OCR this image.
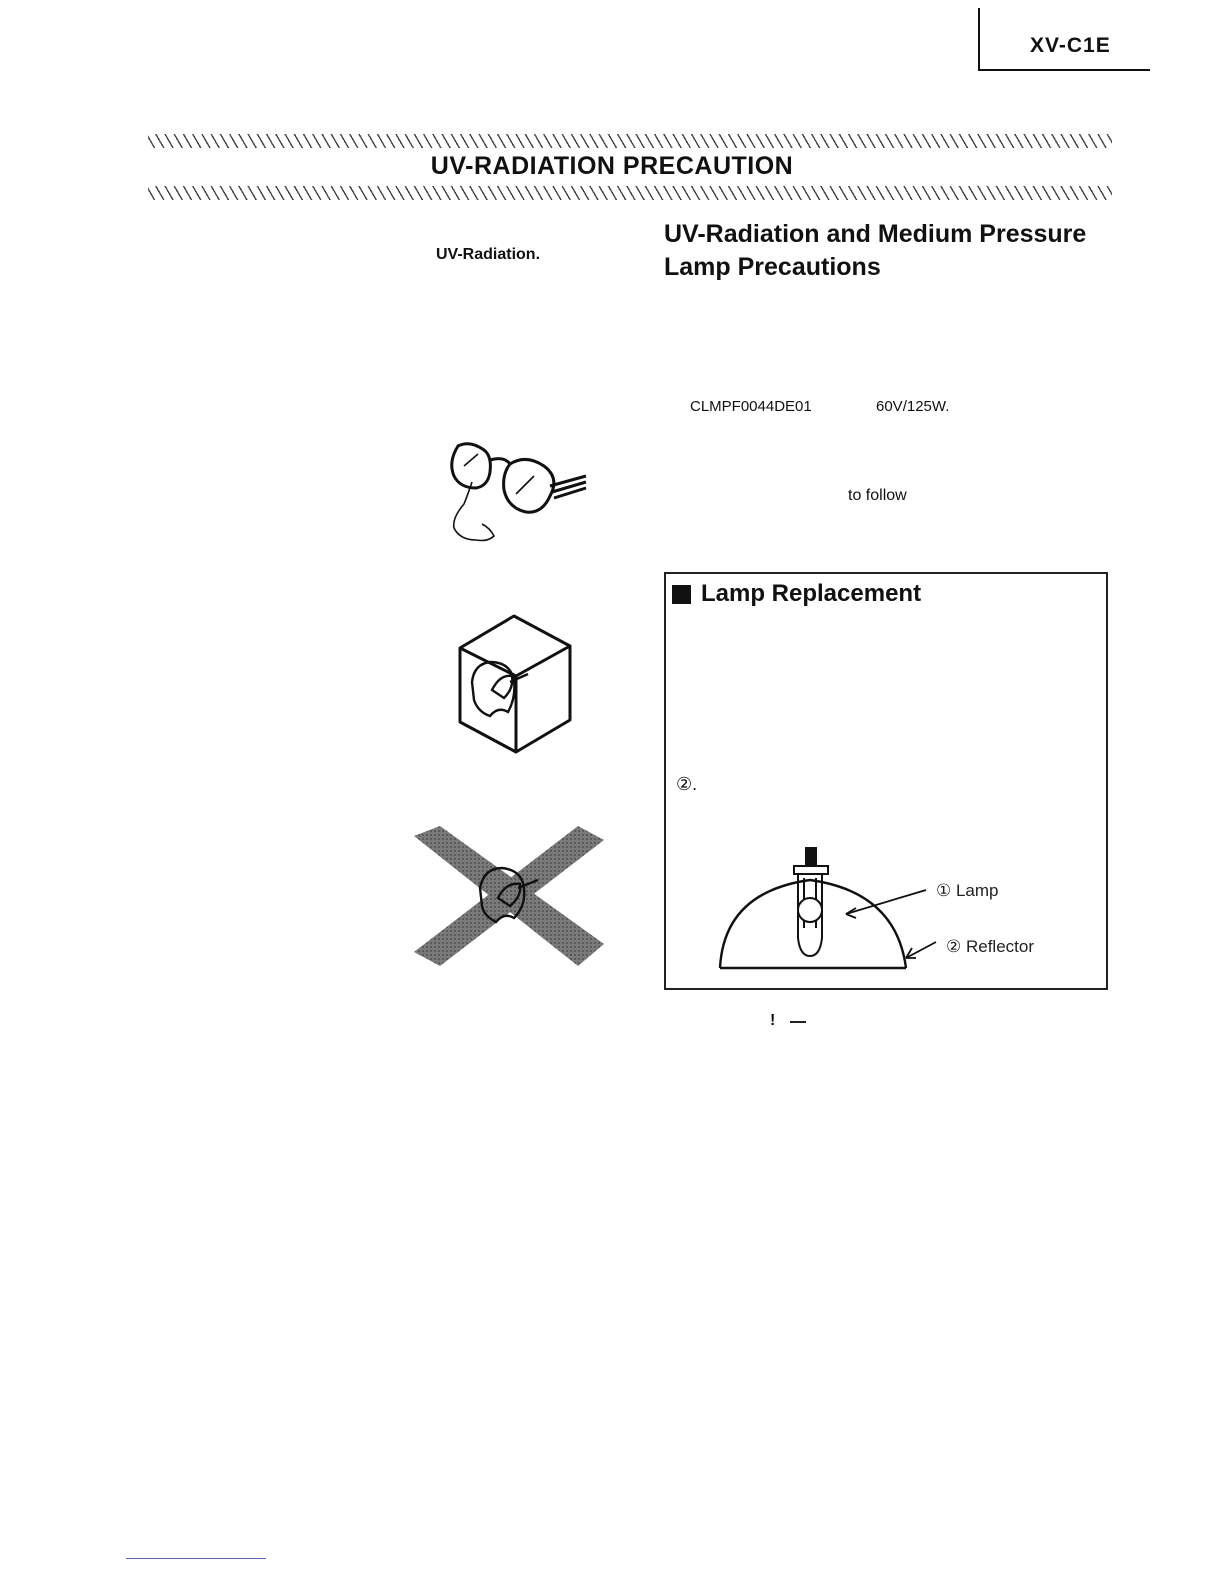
XV-C1E
UV-RADIATION PRECAUTION
UV-Radiation.
UV-Radiation and Medium Pressure
Lamp Precautions
CLMPF0044DE01	60V/125W.
to follow
Lamp Replacement
②.
① Lamp
② Reflector
!
